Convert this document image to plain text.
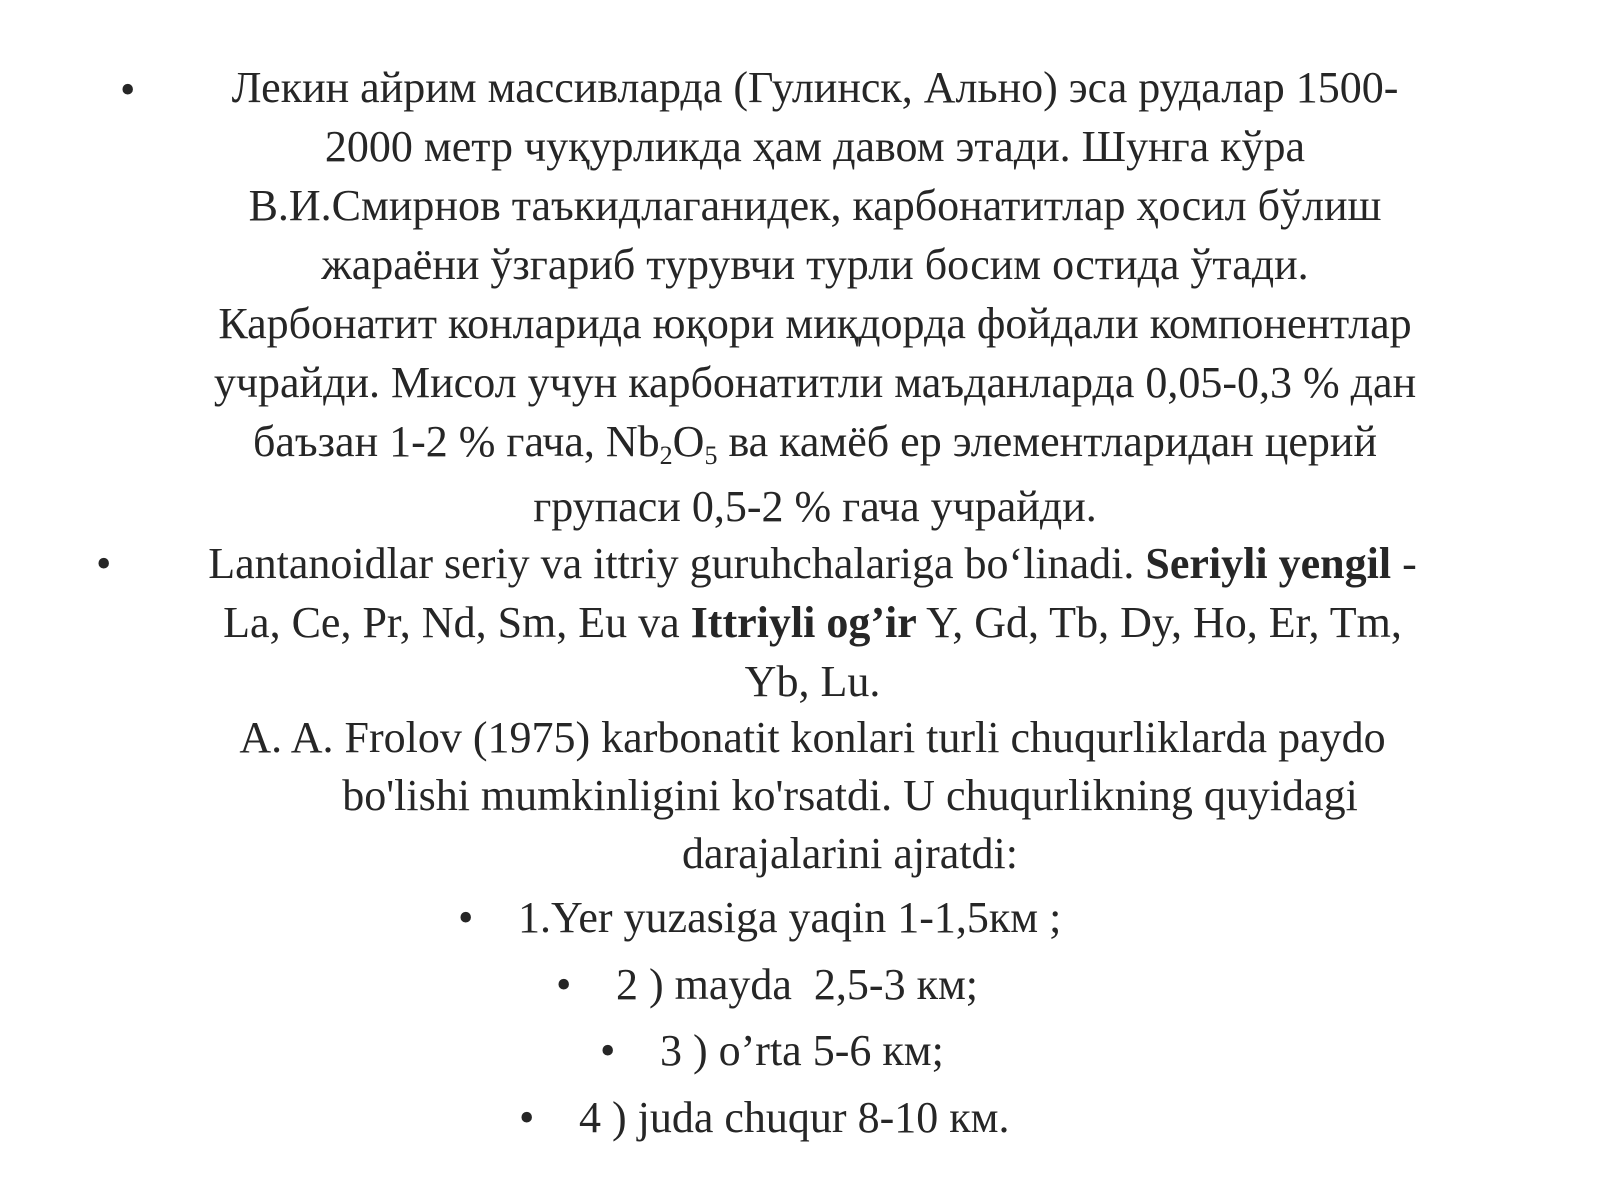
•	Лекин айрим массивларда (Гулинск, Ально) эса рудалар 1500-
2000 метр чуқурликда ҳам давом этади. Шунга кўра
В.И.Смирнов таъкидлаганидек, карбонатитлар ҳосил бўлиш
жараёни ўзгариб турувчи турли босим остида ўтади.
Карбонатит конларида юқори миқдорда фойдали компонентлар
учрайди. Мисол учун карбонатитли маъданларда 0,05-0,3 % дан
баъзан 1-2 % гача, $Nb_2O_5$ ва камёб ер элементларидан церий
групаси 0,5-2 % гача учрайди.
•	Lantanoidlar seriy va ittriy guruhchalariga bo‘linadi. Seriyli yengil -
La, Ce, Pr, Nd, Sm, Eu va Ittriyli og’ir Y, Gd, Tb, Dy, Ho, Er, Tm,
Yb, Lu.
A. A. Frolov (1975) karbonatit konlari turli chuqurliklarda paydo
bo'lishi mumkinligini ko'rsatdi. U chuqurlikning quyidagi
darajalarini ajratdi:
• 1.Yer yuzasiga yaqin 1-1,5км ;
• 2 ) mayda  2,5-3 км;
• 3 ) o’rta 5-6 км;
• 4 ) juda chuqur 8-10 км.
